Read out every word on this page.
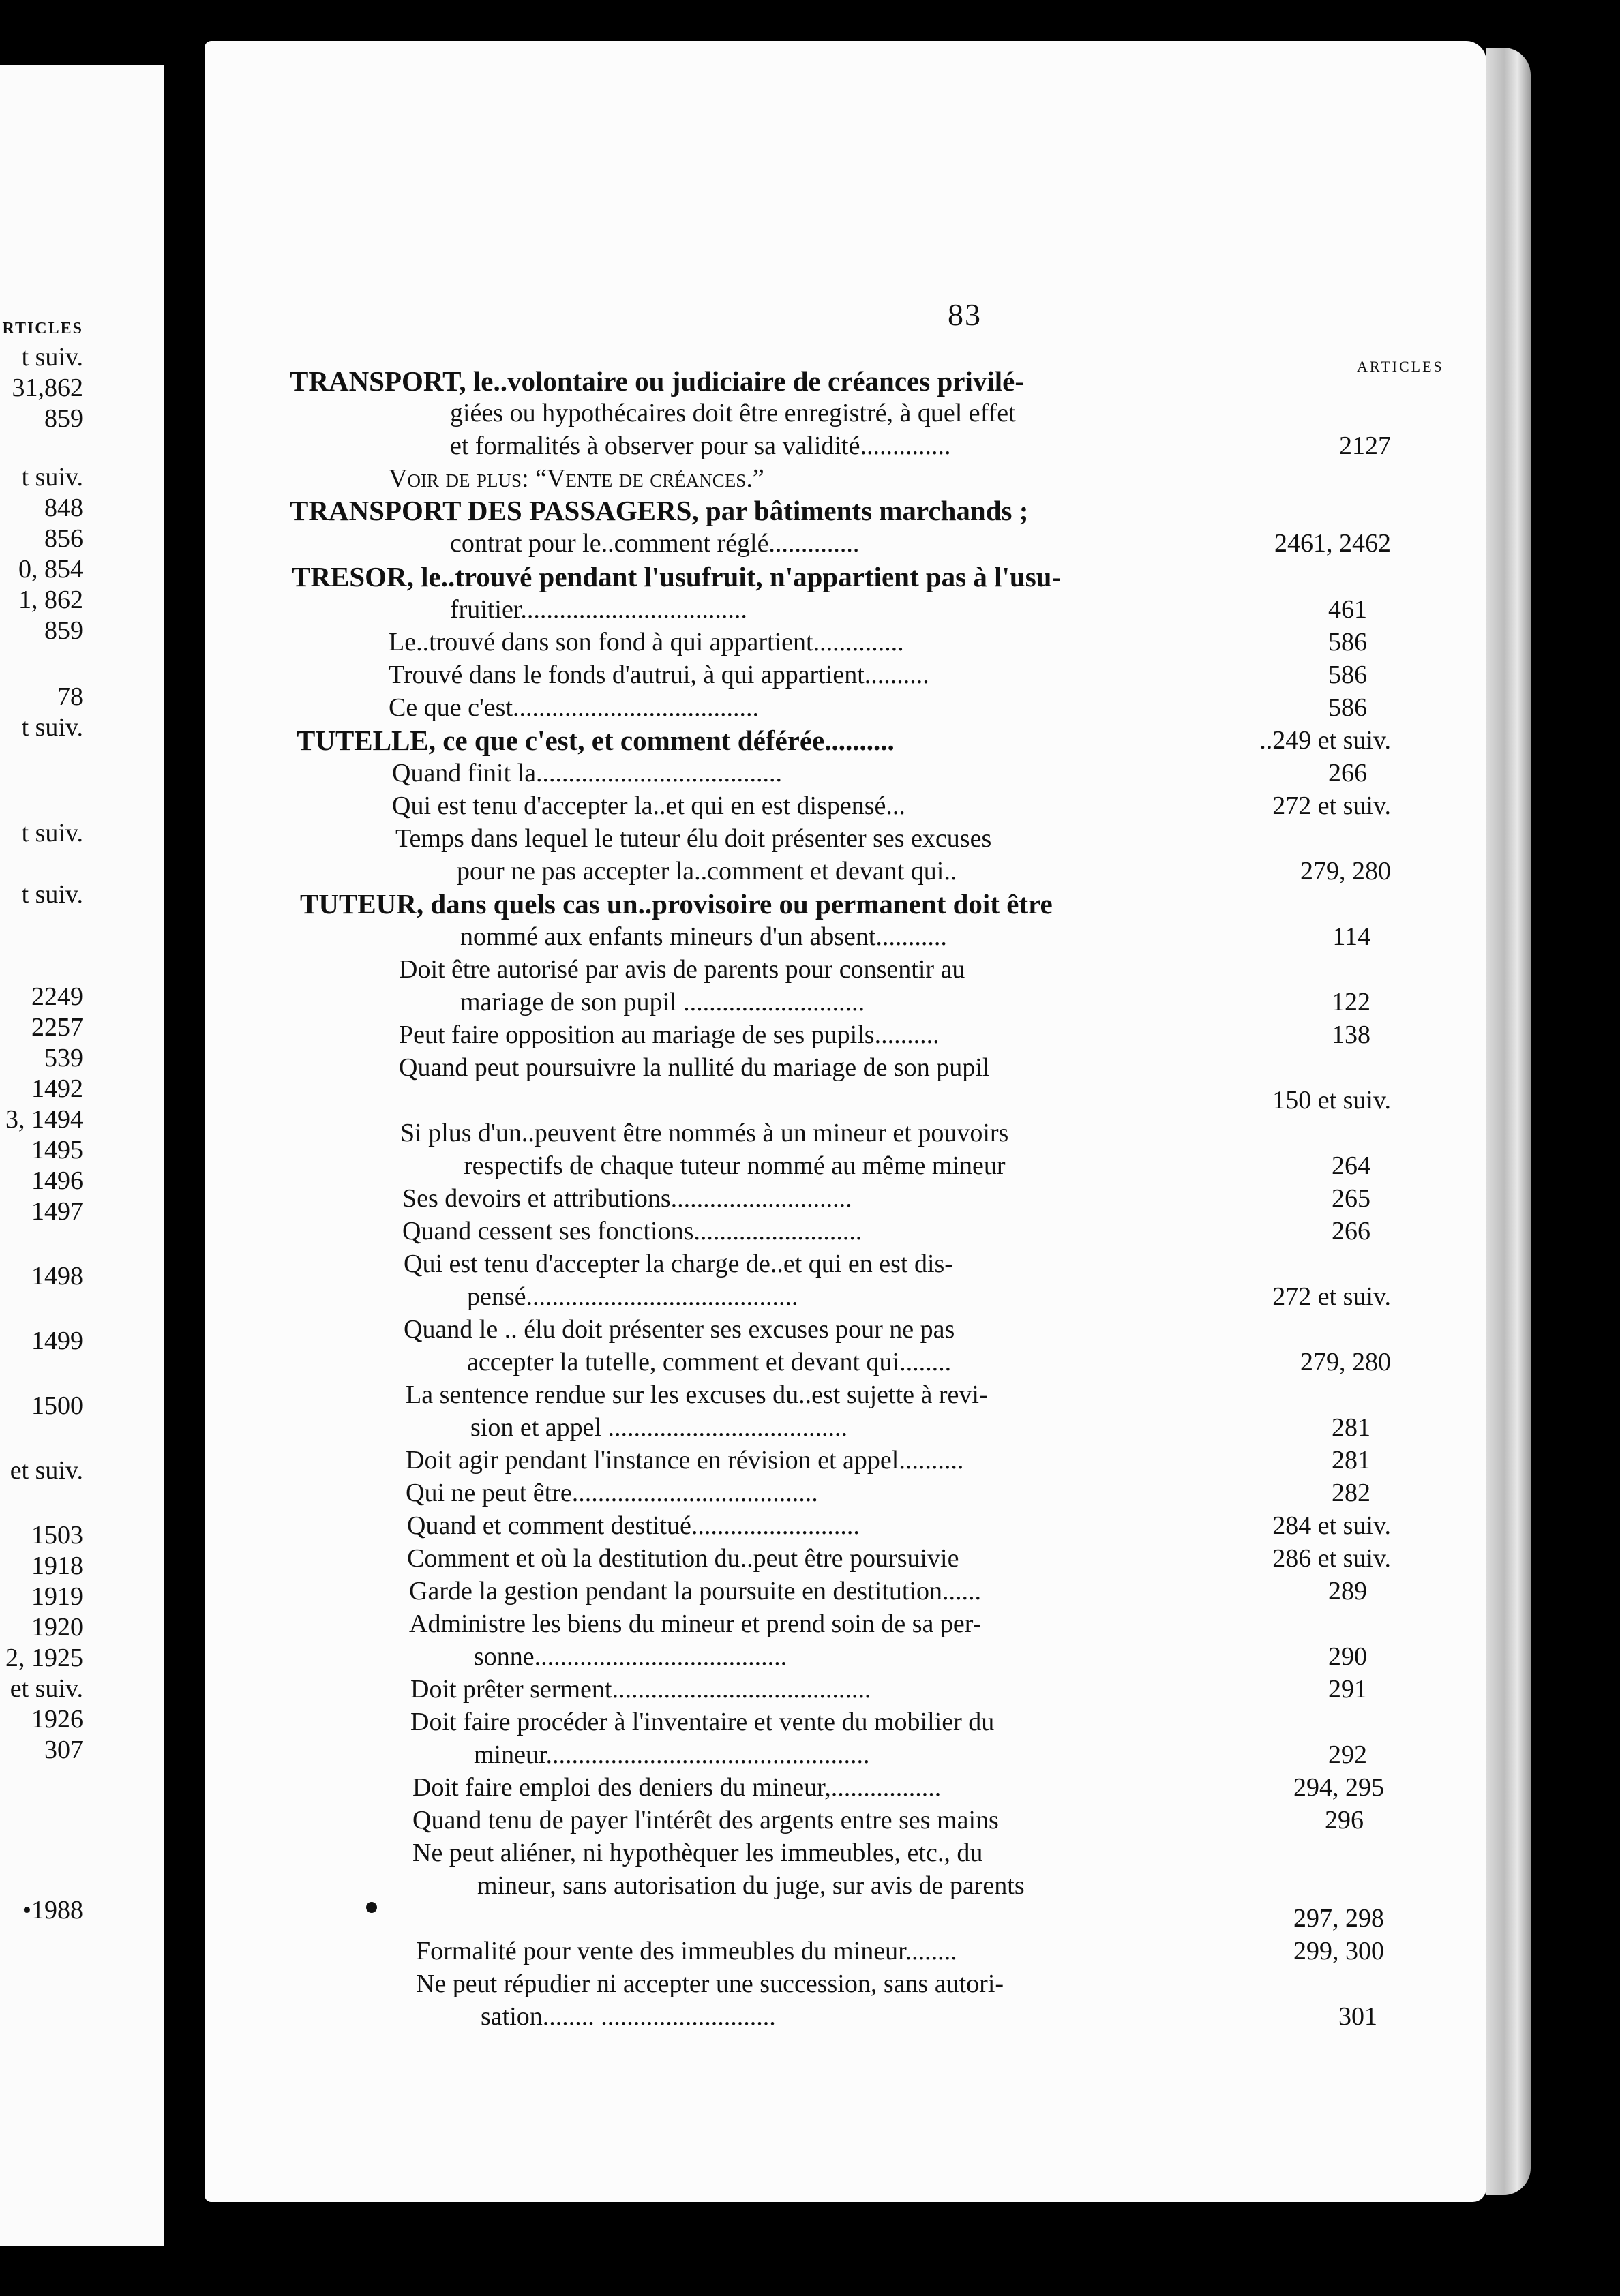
RTICLES
t suiv.
31,862
859
t suiv.
848
856
0, 854
1, 862
859
78
t suiv.
t suiv.
t suiv.
2249
2257
539
1492
3, 1494
1495
1496
1497
1498
1499
1500
et suiv.
1503
1918
1919
1920
2, 1925
et suiv.
1926
307
•1988
83
ARTICLES
TRANSPORT, le..volontaire ou judiciaire de créances privilé-
giées ou hypothécaires doit être enregistré, à quel effet
et formalités à observer pour sa validité..............	2127
Voir de plus: “Vente de créances.”
TRANSPORT DES PASSAGERS, par bâtiments marchands ;
contrat pour le..comment réglé..............	2461, 2462
TRESOR, le..trouvé pendant l'usufruit, n'appartient pas à l'usu-
fruitier...................................	461
Le..trouvé dans son fond à qui appartient..............	586
Trouvé dans le fonds d'autrui, à qui appartient..........	586
Ce que c'est......................................	586
TUTELLE, ce que c'est, et comment déférée..........	..249 et suiv.
Quand finit la......................................	266
Qui est tenu d'accepter la..et qui en est dispensé...	272 et suiv.
Temps dans lequel le tuteur élu doit présenter ses excuses
pour ne pas accepter la..comment et devant qui..	279, 280
TUTEUR, dans quels cas un..provisoire ou permanent doit être
nommé aux enfants mineurs d'un absent...........	114
Doit être autorisé par avis de parents pour consentir au
mariage de son pupil ............................	122
Peut faire opposition au mariage de ses pupils..........	138
Quand peut poursuivre la nullité du mariage de son pupil
150 et suiv.
Si plus d'un..peuvent être nommés à un mineur et pouvoirs
respectifs de chaque tuteur nommé au même mineur	264
Ses devoirs et attributions............................	265
Quand cessent ses fonctions..........................	266
Qui est tenu d'accepter la charge de..et qui en est dis-
pensé..........................................	272 et suiv.
Quand le .. élu doit présenter ses excuses pour ne pas
accepter la tutelle, comment et devant qui........	279, 280
La sentence rendue sur les excuses du..est sujette à revi-
sion et appel .....................................	281
Doit agir pendant l'instance en révision et appel..........	281
Qui ne peut être......................................	282
Quand et comment destitué..........................	284 et suiv.
Comment et où la destitution du..peut être poursuivie	286 et suiv.
Garde la gestion pendant la poursuite en destitution......	289
Administre les biens du mineur et prend soin de sa per-
sonne.......................................	290
Doit prêter serment........................................	291
Doit faire procéder à l'inventaire et vente du mobilier du
mineur..................................................	292
Doit faire emploi des deniers du mineur,.................	294, 295
Quand tenu de payer l'intérêt des argents entre ses mains	296
Ne peut aliéner, ni hypothèquer les immeubles, etc., du
mineur, sans autorisation du juge, sur avis de parents
297, 298
Formalité pour vente des immeubles du mineur........	299, 300
Ne peut répudier ni accepter une succession, sans autori-
sation........ ...........................	301
